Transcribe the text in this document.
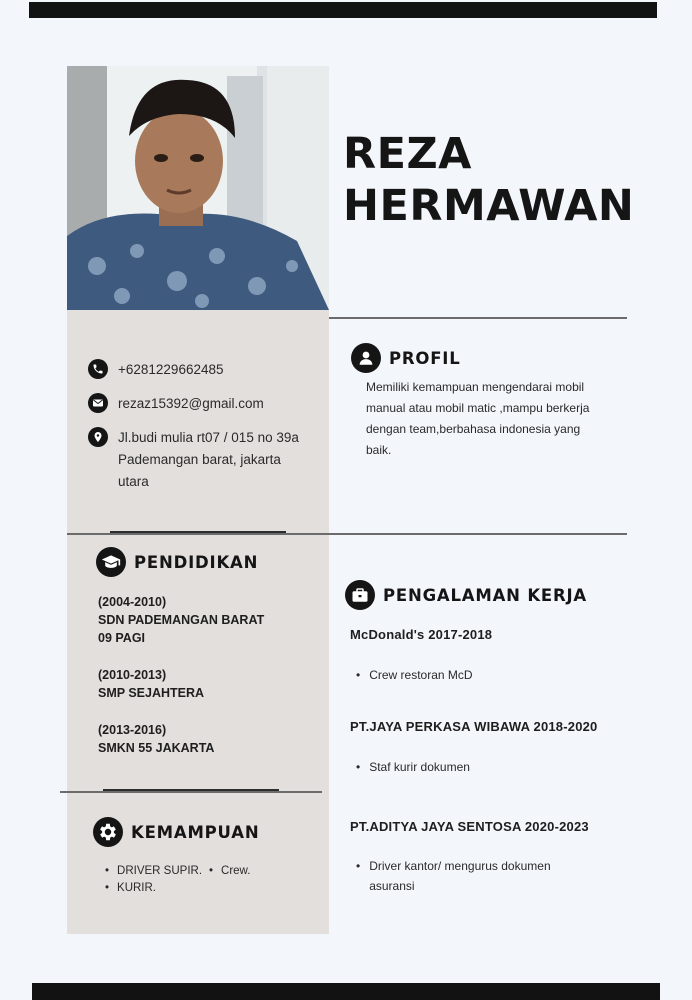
REZA
HERMAWAN
+6281229662485
rezaz15392@gmail.com
Jl.budi mulia rt07 / 015 no 39a
Pademangan barat, jakarta
utara
PROFIL
Memiliki kemampuan mengendarai mobil
manual atau mobil matic ,mampu berkerja
dengan team,berbahasa indonesia yang
baik.
PENDIDIKAN
(2004-2010)
SDN PADEMANGAN BARAT
09 PAGI
(2010-2013)
SMP SEJAHTERA
(2013-2016)
SMKN 55 JAKARTA
KEMAMPUAN
• DRIVER SUPIR.
•	Crew.
• KURIR.
PENGALAMAN KERJA
McDonald's 2017-2018
• Crew restoran McD
PT.JAYA PERKASA WIBAWA 2018-2020
• Staf kurir dokumen
PT.ADITYA JAYA SENTOSA 2020-2023
• Driver kantor/ mengurus dokumen
asuransi
